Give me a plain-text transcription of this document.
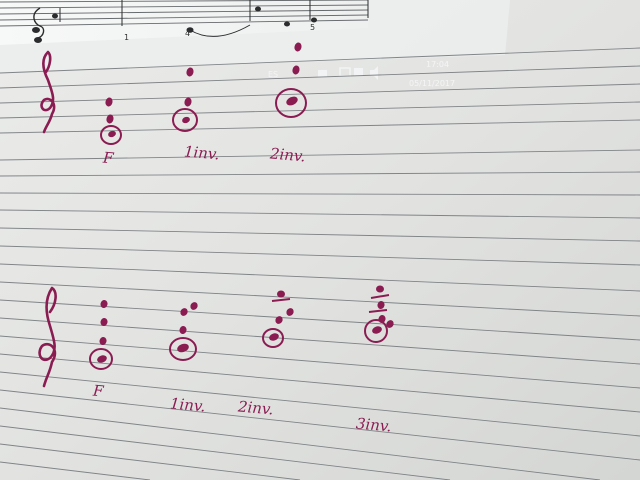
1	4
5
ES
17:04
05/11/2017
F	1inv.	2inv.
F
1inv. 2inv.
3inv.
